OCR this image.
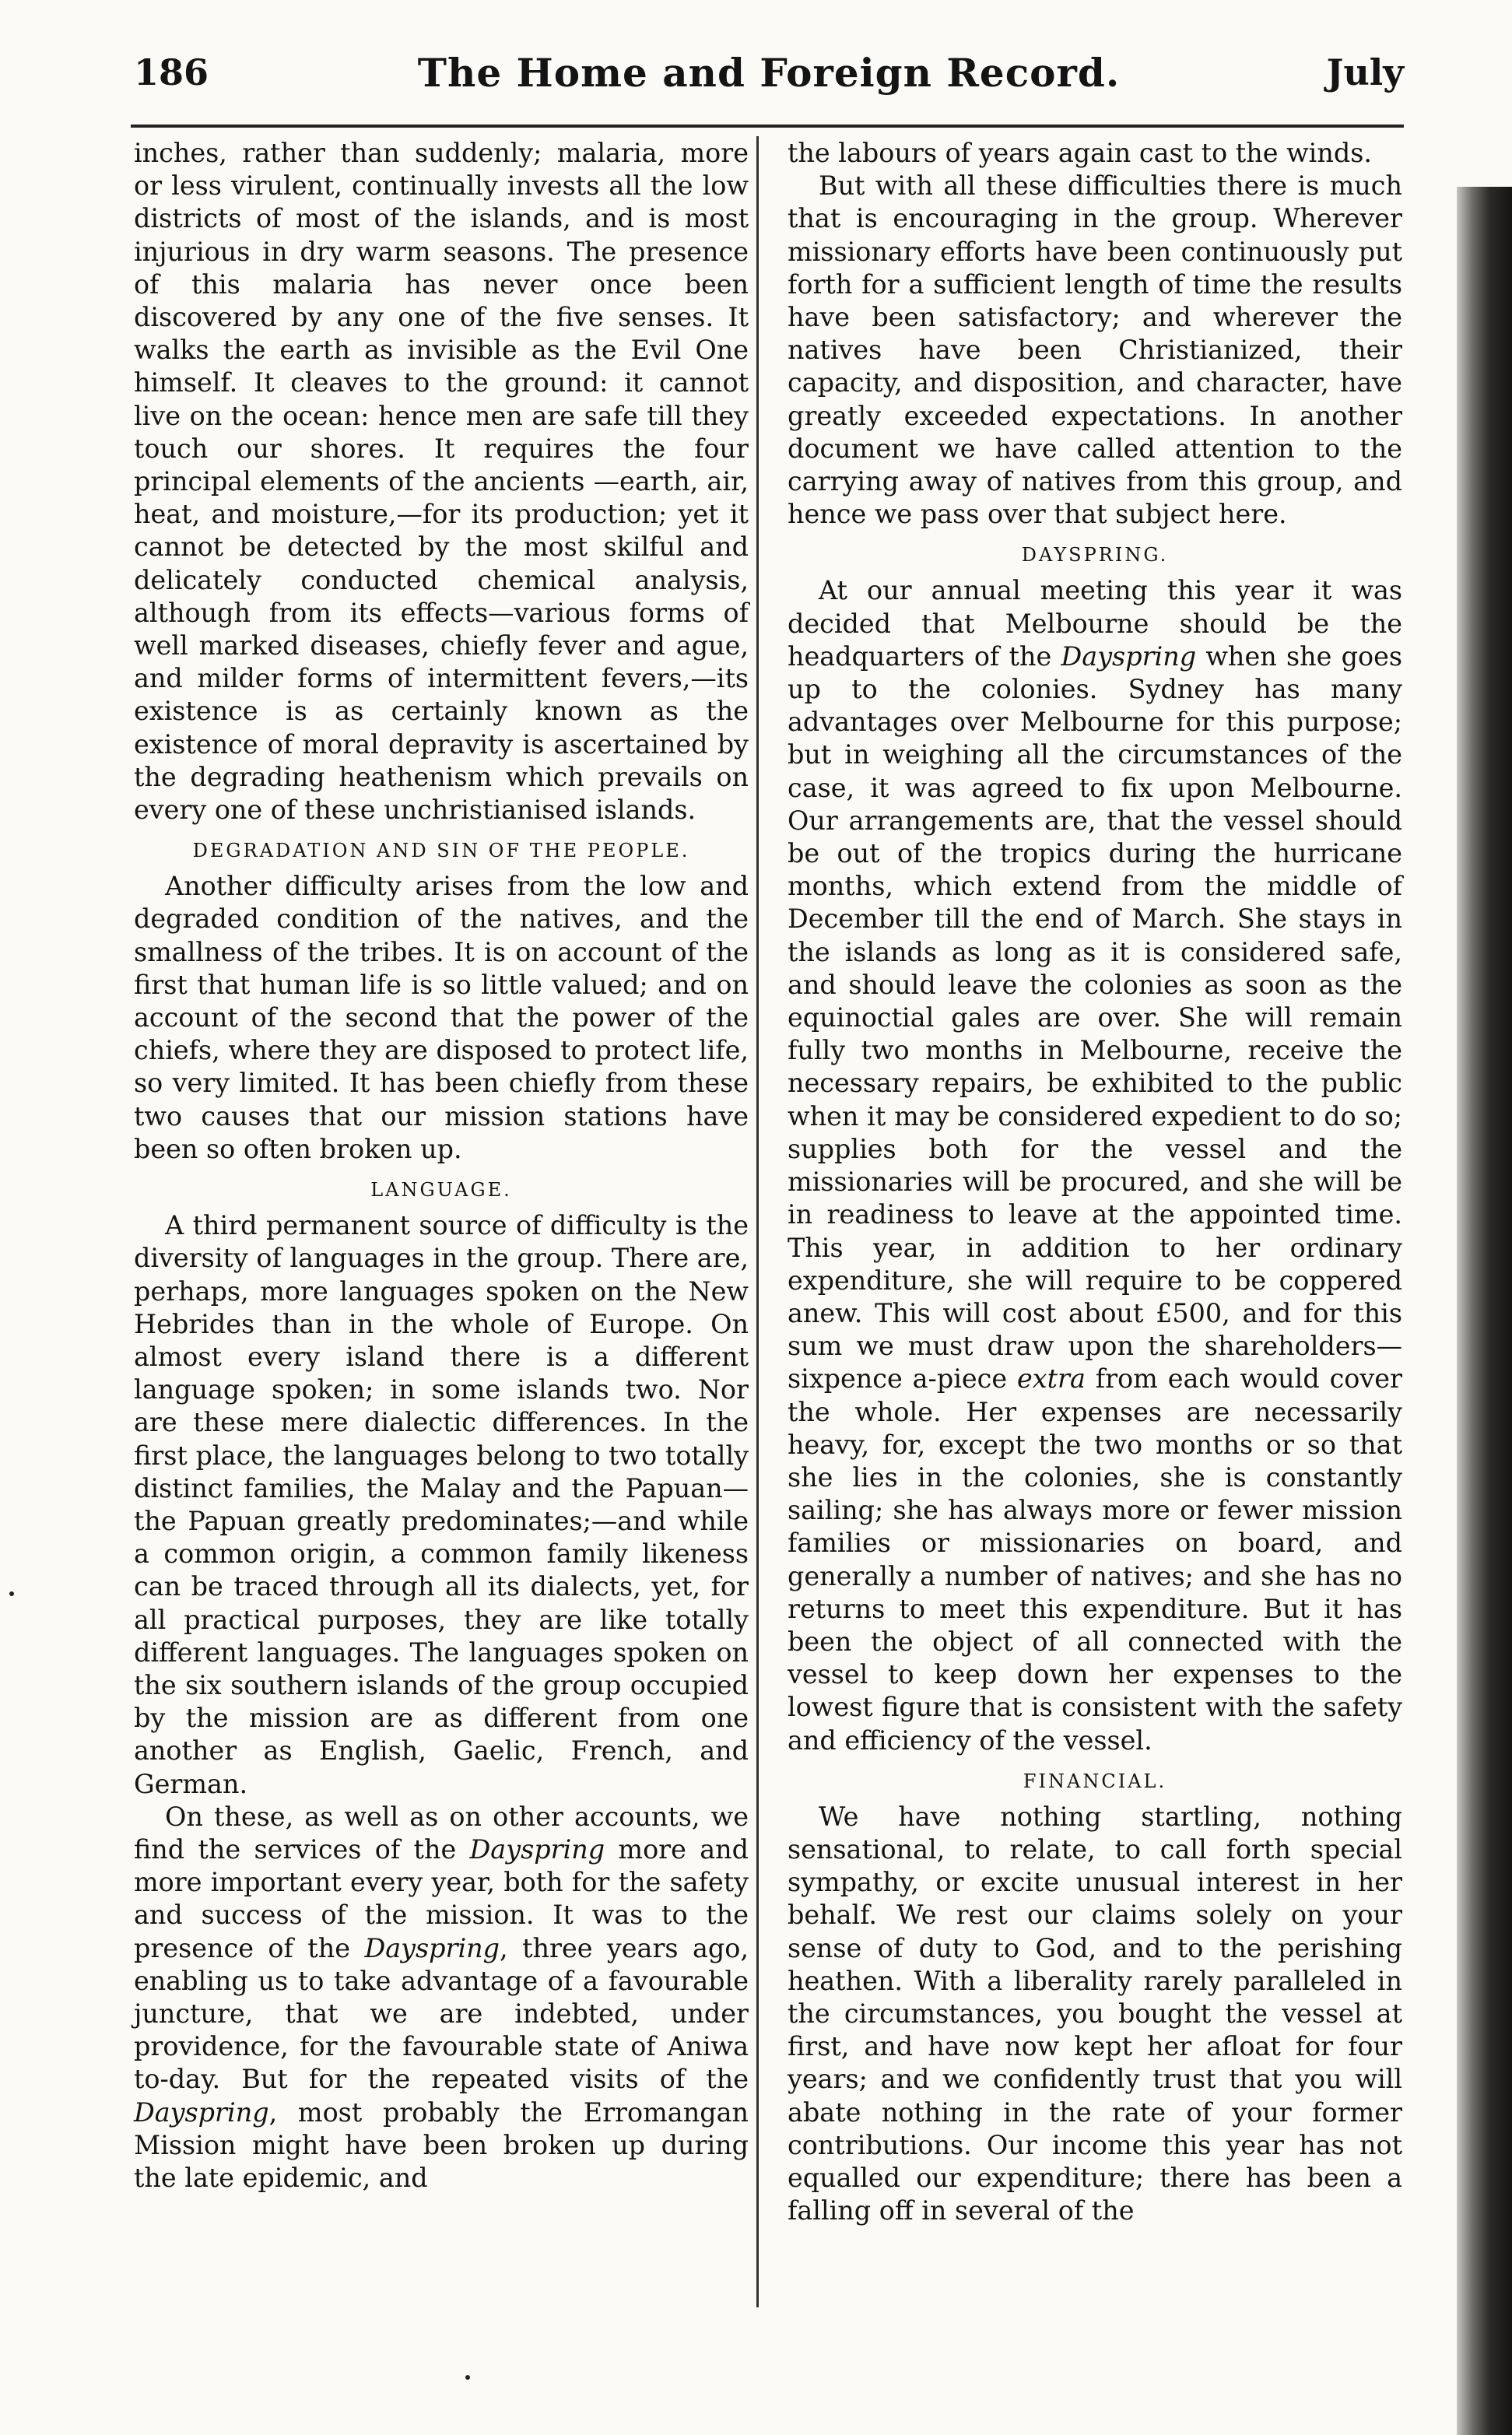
186	The Home and Foreign Record.	July

inches, rather than suddenly; malaria, more or less virulent, continually invests all the low districts of most of the islands, and is most injurious in dry warm seasons. The presence of this malaria has never once been discovered by any one of the five senses. It walks the earth as invisible as the Evil One himself. It cleaves to the ground: it cannot live on the ocean: hence men are safe till they touch our shores. It requires the four principal elements of the ancients —earth, air, heat, and moisture,—for its production; yet it cannot be detected by the most skilful and delicately conducted chemical analysis, although from its effects—various forms of well marked diseases, chiefly fever and ague, and milder forms of intermittent fevers,—its existence is as certainly known as the existence of moral depravity is ascertained by the degrading heathenism which prevails on every one of these unchristianised islands.

DEGRADATION AND SIN OF THE PEOPLE.

Another difficulty arises from the low and degraded condition of the natives, and the smallness of the tribes. It is on account of the first that human life is so little valued; and on account of the second that the power of the chiefs, where they are disposed to protect life, so very limited. It has been chiefly from these two causes that our mission stations have been so often broken up.

LANGUAGE.

A third permanent source of difficulty is the diversity of languages in the group. There are, perhaps, more languages spoken on the New Hebrides than in the whole of Europe. On almost every island there is a different language spoken; in some islands two. Nor are these mere dialectic differences. In the first place, the languages belong to two totally distinct families, the Malay and the Papuan—the Papuan greatly predominates;—and while a common origin, a common family likeness can be traced through all its dialects, yet, for all practical purposes, they are like totally different languages. The languages spoken on the six southern islands of the group occupied by the mission are as different from one another as English, Gaelic, French, and German.

On these, as well as on other accounts, we find the services of the Dayspring more and more important every year, both for the safety and success of the mission. It was to the presence of the Dayspring, three years ago, enabling us to take advantage of a favourable juncture, that we are indebted, under providence, for the favourable state of Aniwa to-day. But for the repeated visits of the Dayspring, most probably the Erromangan Mission might have been broken up during the late epidemic, and

the labours of years again cast to the winds.

But with all these difficulties there is much that is encouraging in the group. Wherever missionary efforts have been continuously put forth for a sufficient length of time the results have been satisfactory; and wherever the natives have been Christianized, their capacity, and disposition, and character, have greatly exceeded expectations. In another document we have called attention to the carrying away of natives from this group, and hence we pass over that subject here.

DAYSPRING.

At our annual meeting this year it was decided that Melbourne should be the headquarters of the Dayspring when she goes up to the colonies. Sydney has many advantages over Melbourne for this purpose; but in weighing all the circumstances of the case, it was agreed to fix upon Melbourne. Our arrangements are, that the vessel should be out of the tropics during the hurricane months, which extend from the middle of December till the end of March. She stays in the islands as long as it is considered safe, and should leave the colonies as soon as the equinoctial gales are over. She will remain fully two months in Melbourne, receive the necessary repairs, be exhibited to the public when it may be considered expedient to do so; supplies both for the vessel and the missionaries will be procured, and she will be in readiness to leave at the appointed time. This year, in addition to her ordinary expenditure, she will require to be coppered anew. This will cost about £500, and for this sum we must draw upon the shareholders—sixpence a-piece extra from each would cover the whole. Her expenses are necessarily heavy, for, except the two months or so that she lies in the colonies, she is constantly sailing; she has always more or fewer mission families or missionaries on board, and generally a number of natives; and she has no returns to meet this expenditure. But it has been the object of all connected with the vessel to keep down her expenses to the lowest figure that is consistent with the safety and efficiency of the vessel.

FINANCIAL.

We have nothing startling, nothing sensational, to relate, to call forth special sympathy, or excite unusual interest in her behalf. We rest our claims solely on your sense of duty to God, and to the perishing heathen. With a liberality rarely paralleled in the circumstances, you bought the vessel at first, and have now kept her afloat for four years; and we confidently trust that you will abate nothing in the rate of your former contributions. Our income this year has not equalled our expenditure; there has been a falling off in several of the
